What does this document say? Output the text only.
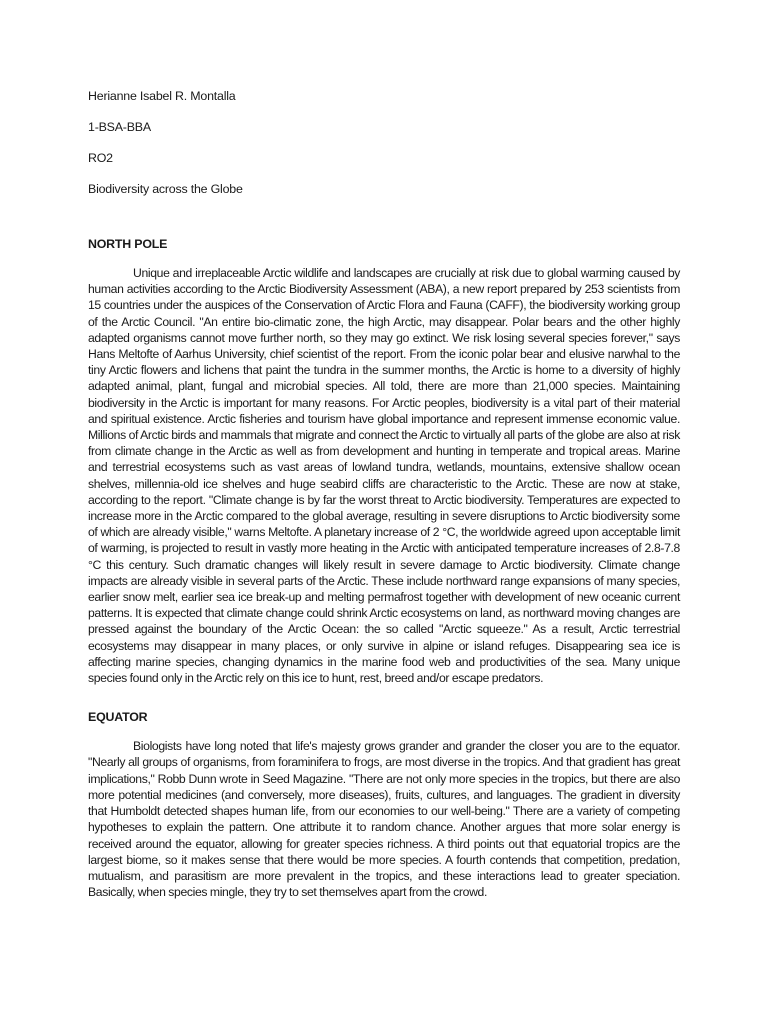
Herianne Isabel R. Montalla

1-BSA-BBA

RO2

Biodiversity across the Globe

NORTH POLE

Unique and irreplaceable Arctic wildlife and landscapes are crucially at risk due to global warming caused by human activities according to the Arctic Biodiversity Assessment (ABA), a new report prepared by 253 scientists from 15 countries under the auspices of the Conservation of Arctic Flora and Fauna (CAFF), the biodiversity working group of the Arctic Council. "An entire bio-climatic zone, the high Arctic, may disappear. Polar bears and the other highly adapted organisms cannot move further north, so they may go extinct. We risk losing several species forever," says Hans Meltofte of Aarhus University, chief scientist of the report. From the iconic polar bear and elusive narwhal to the tiny Arctic flowers and lichens that paint the tundra in the summer months, the Arctic is home to a diversity of highly adapted animal, plant, fungal and microbial species. All told, there are more than 21,000 species. Maintaining biodiversity in the Arctic is important for many reasons. For Arctic peoples, biodiversity is a vital part of their material and spiritual existence. Arctic fisheries and tourism have global importance and represent immense economic value. Millions of Arctic birds and mammals that migrate and connect the Arctic to virtually all parts of the globe are also at risk from climate change in the Arctic as well as from development and hunting in temperate and tropical areas. Marine and terrestrial ecosystems such as vast areas of lowland tundra, wetlands, mountains, extensive shallow ocean shelves, millennia-old ice shelves and huge seabird cliffs are characteristic to the Arctic. These are now at stake, according to the report. "Climate change is by far the worst threat to Arctic biodiversity. Temperatures are expected to increase more in the Arctic compared to the global average, resulting in severe disruptions to Arctic biodiversity some of which are already visible," warns Meltofte. A planetary increase of 2 °C, the worldwide agreed upon acceptable limit of warming, is projected to result in vastly more heating in the Arctic with anticipated temperature increases of 2.8-7.8 °C this century. Such dramatic changes will likely result in severe damage to Arctic biodiversity. Climate change impacts are already visible in several parts of the Arctic. These include northward range expansions of many species, earlier snow melt, earlier sea ice break-up and melting permafrost together with development of new oceanic current patterns. It is expected that climate change could shrink Arctic ecosystems on land, as northward moving changes are pressed against the boundary of the Arctic Ocean: the so called "Arctic squeeze." As a result, Arctic terrestrial ecosystems may disappear in many places, or only survive in alpine or island refuges. Disappearing sea ice is affecting marine species, changing dynamics in the marine food web and productivities of the sea. Many unique species found only in the Arctic rely on this ice to hunt, rest, breed and/or escape predators.

EQUATOR

Biologists have long noted that life's majesty grows grander and grander the closer you are to the equator. "Nearly all groups of organisms, from foraminifera to frogs, are most diverse in the tropics. And that gradient has great implications," Robb Dunn wrote in Seed Magazine. "There are not only more species in the tropics, but there are also more potential medicines (and conversely, more diseases), fruits, cultures, and languages. The gradient in diversity that Humboldt detected shapes human life, from our economies to our well-being." There are a variety of competing hypotheses to explain the pattern. One attribute it to random chance. Another argues that more solar energy is received around the equator, allowing for greater species richness. A third points out that equatorial tropics are the largest biome, so it makes sense that there would be more species. A fourth contends that competition, predation, mutualism, and parasitism are more prevalent in the tropics, and these interactions lead to greater speciation. Basically, when species mingle, they try to set themselves apart from the crowd.
